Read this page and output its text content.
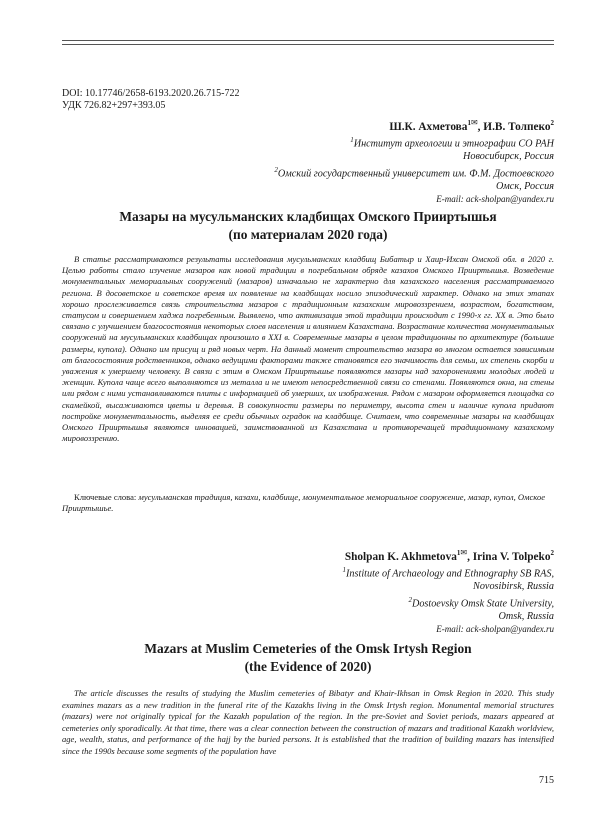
DOI: 10.17746/2658-6193.2020.26.715-722
УДК 726.82+297+393.05
Ш.К. Ахметова$^{1✉}$, И.В. Толпеко$^2$
$^1$Институт археологии и этнографии СО РАН
Новосибирск, Россия
$^2$Омский государственный университет им. Ф.М. Достоевского
Омск, Россия
E-mail: ack-sholpan@yandex.ru
Мазары на мусульманских кладбищах Омского Прииртышья
(по материалам 2020 года)
В статье рассматриваются результаты исследования мусульманских кладбищ Бибатыр и Хаир-Ихсан Омской обл. в 2020 г. Целью работы стало изучение мазаров как новой традиции в погребальном обряде казахов Омского Прииртышья. Возведение монументальных мемориальных сооружений (мазаров) изначально не характерно для казахского населения рассматриваемого региона. В досоветское и советское время их появление на кладбищах носило эпизодический характер. Однако на этих этапах хорошо прослеживается связь строительства мазаров с традиционным казахским мировоззрением, возрастом, богатством, статусом и совершением хаджа погребенным. Выявлено, что активизация этой традиции происходит с 1990-х гг. XX в. Это было связано с улучшением благосостояния некоторых слоев населения и влиянием Казахстана. Возрастание количества монументальных сооружений на мусульманских кладбищах произошло в XXI в. Современные мазары в целом традиционны по архитектуре (большие размеры, купола). Однако им присущ и ряд новых черт. На данный момент строительство мазара во многом остается зависимым от благосостояния родственников, однако ведущими факторами также становятся его значимость для семьи, их степень скорби и уважения к умершему человеку. В связи с этим в Омском Прииртышье появляются мазары над захоронениями молодых людей и женщин. Купола чаще всего выполняются из металла и не имеют непосредственной связи со стенами. Появляются окна, на стены или рядом с ними устанавливаются плиты с информацией об умерших, их изображения. Рядом с мазаром оформляется площадка со скамейкой, высаживаются цветы и деревья. В совокупности размеры по периметру, высота стен и наличие купола придают постройке монументальность, выделяя ее среди обычных оградок на кладбище. Считаем, что современные мазары на кладбищах Омского Прииртышья являются инновацией, заимствованной из Казахстана и противоречащей традиционному казахскому мировоззрению.
Ключевые слова: мусульманская традиция, казахи, кладбище, монументальное мемориальное сооружение, мазар, купол, Омское Прииртышье.
Sholpan K. Akhmetova$^{1✉}$, Irina V. Tolpeko$^2$
$^1$Institute of Archaeology and Ethnography SB RAS,
Novosibirsk, Russia
$^2$Dostoevsky Omsk State University,
Omsk, Russia
E-mail: ack-sholpan@yandex.ru
Mazars at Muslim Cemeteries of the Omsk Irtysh Region
(the Evidence of 2020)
The article discusses the results of studying the Muslim cemeteries of Bibatyr and Khair-Ikhsan in Omsk Region in 2020. This study examines mazars as a new tradition in the funeral rite of the Kazakhs living in the Omsk Irtysh region. Monumental memorial structures (mazars) were not originally typical for the Kazakh population of the region. In the pre-Soviet and Soviet periods, mazars appeared at cemeteries only sporadically. At that time, there was a clear connection between the construction of mazars and traditional Kazakh worldview, age, wealth, status, and performance of the hajj by the buried persons. It is established that the tradition of building mazars has intensified since the 1990s because some segments of the population have
715
